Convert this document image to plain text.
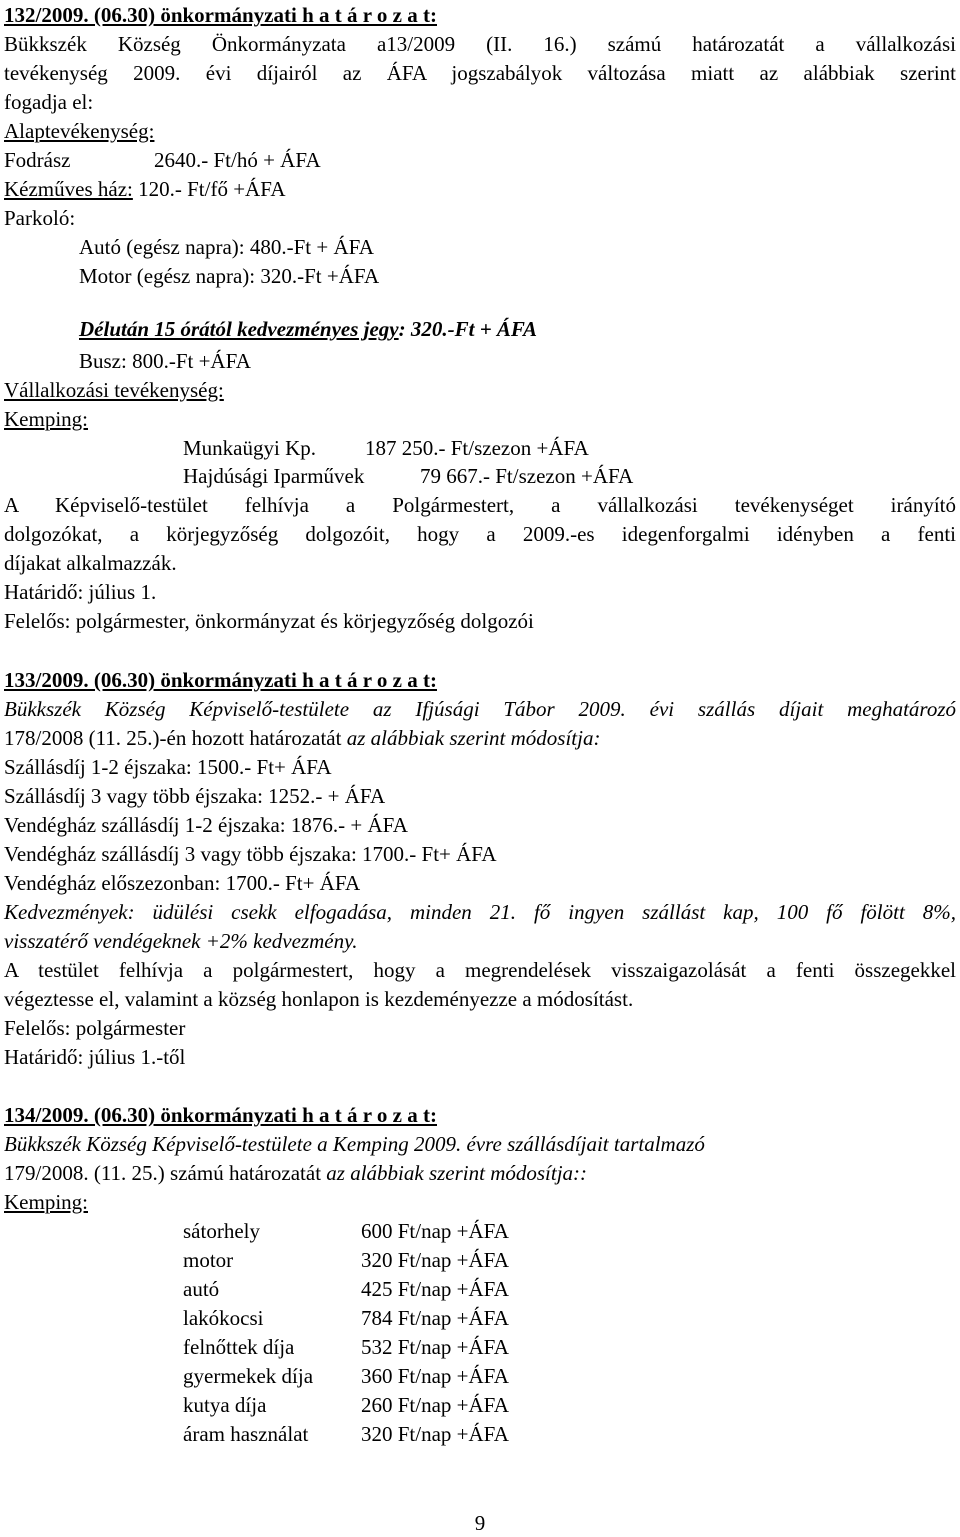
132/2009. (06.30) önkormányzati h a t á r o z a t:
Bükkszék Község Önkormányzata a13/2009 (II. 16.) számú határozatát a vállalkozási
tevékenység 2009. évi díjairól az ÁFA jogszabályok változása miatt az alábbiak szerint
fogadja el:
Alaptevékenység:
Fodrász	2640.- Ft/hó + ÁFA
Kézműves ház: 120.- Ft/fő +ÁFA
Parkoló:
Autó (egész napra): 480.-Ft + ÁFA
Motor (egész napra): 320.-Ft +ÁFA
Délután 15 órától kedvezményes jegy: 320.-Ft + ÁFA
Busz: 800.-Ft +ÁFA
Vállalkozási tevékenység:
Kemping:
Munkaügyi Kp. 187 250.- Ft/szezon +ÁFA
Hajdúsági Iparművek	79 667.- Ft/szezon +ÁFA
A Képviselő-testület felhívja a Polgármestert, a vállalkozási tevékenységet irányító
dolgozókat, a körjegyzőség dolgozóit, hogy a 2009.-es idegenforgalmi idényben a fenti
díjakat alkalmazzák.
Határidő: július 1.
Felelős: polgármester, önkormányzat és körjegyzőség dolgozói
133/2009. (06.30) önkormányzati h a t á r o z a t:
Bükkszék Község Képviselő-testülete az Ifjúsági Tábor 2009. évi szállás díjait meghatározó
178/2008 (11. 25.)-én hozott határozatát az alábbiak szerint módosítja:
Szállásdíj 1-2 éjszaka: 1500.- Ft+ ÁFA
Szállásdíj 3 vagy több éjszaka: 1252.- + ÁFA
Vendégház szállásdíj 1-2 éjszaka: 1876.- + ÁFA
Vendégház szállásdíj 3 vagy több éjszaka: 1700.- Ft+ ÁFA
Vendégház előszezonban: 1700.- Ft+ ÁFA
Kedvezmények: üdülési csekk elfogadása, minden 21. fő ingyen szállást kap, 100 fő fölött 8%,
visszatérő vendégeknek +2% kedvezmény.
A testület felhívja a polgármestert, hogy a megrendelések visszaigazolását a fenti összegekkel
végeztesse el, valamint a község honlapon is kezdeményezze a módosítást.
Felelős: polgármester
Határidő: július 1.-től
134/2009. (06.30) önkormányzati h a t á r o z a t:
Bükkszék Község Képviselő-testülete a Kemping 2009. évre szállásdíjait tartalmazó
179/2008. (11. 25.) számú határozatát az alábbiak szerint módosítja::
Kemping:
sátorhely	600 Ft/nap +ÁFA
motor	320 Ft/nap +ÁFA
autó	425 Ft/nap +ÁFA
lakókocsi	784 Ft/nap +ÁFA
felnőttek díja	532 Ft/nap +ÁFA
gyermekek díja 360 Ft/nap +ÁFA
kutya díja	260 Ft/nap +ÁFA
áram használat	320 Ft/nap +ÁFA
9
